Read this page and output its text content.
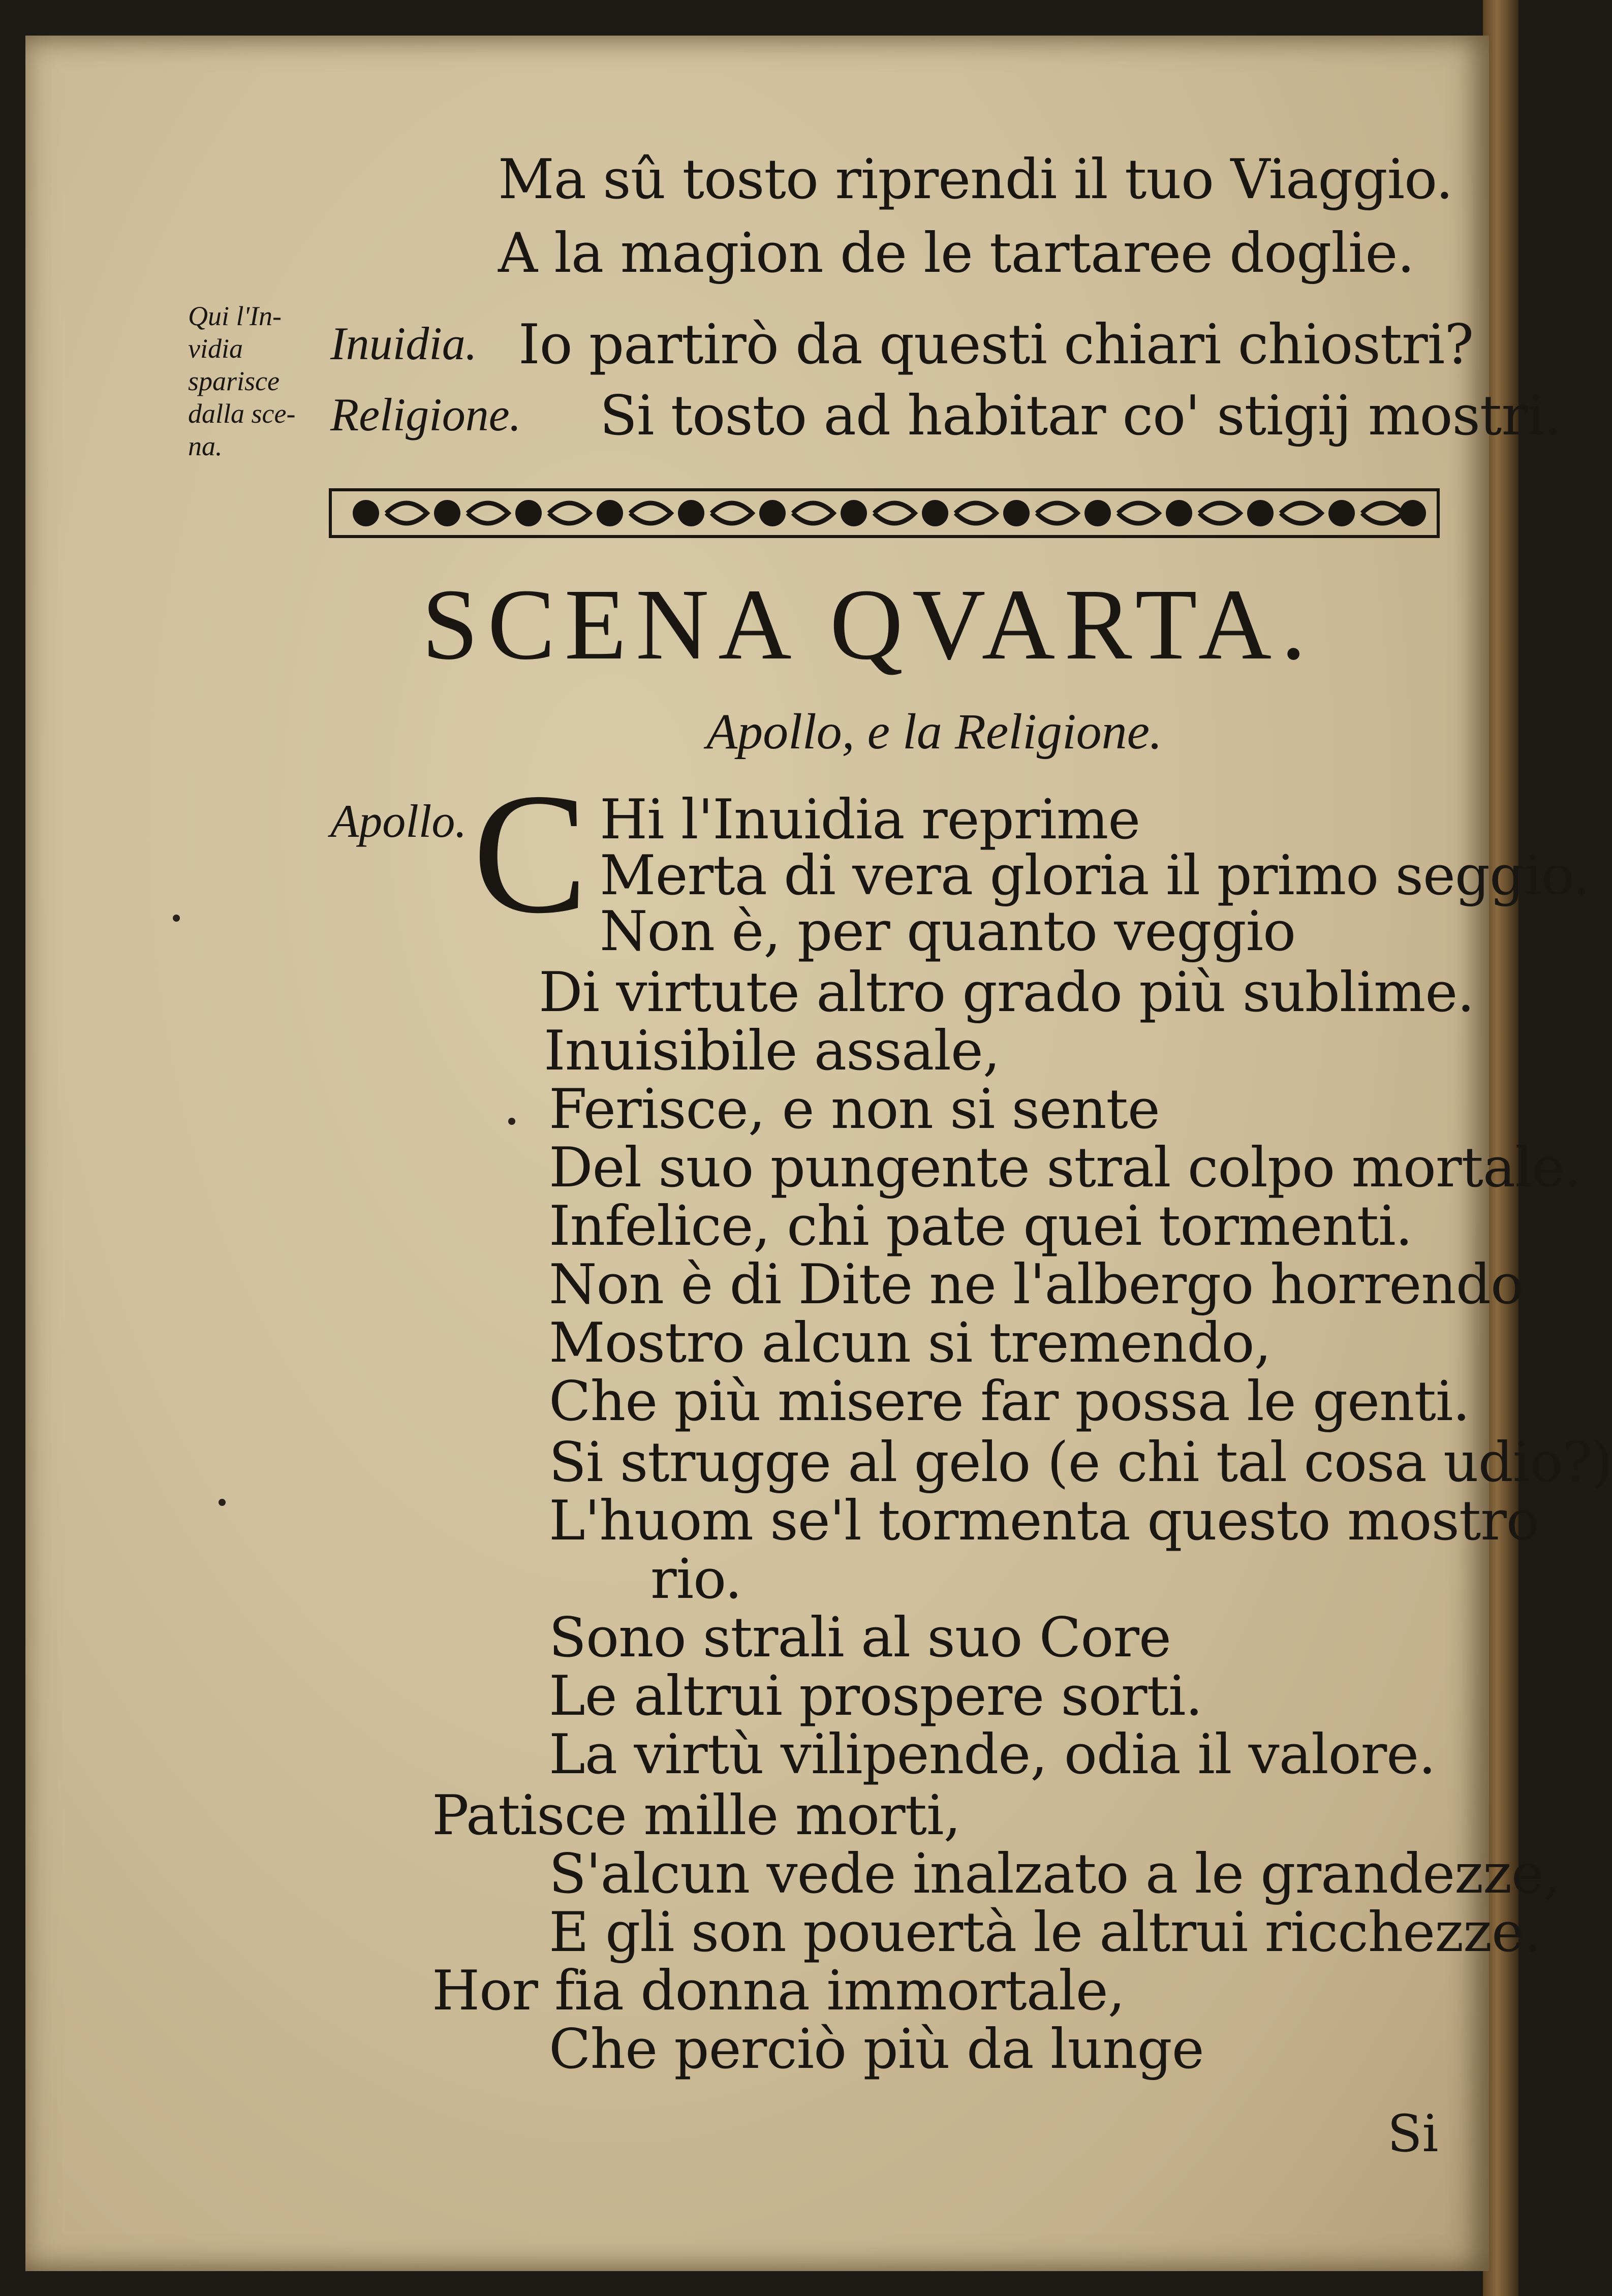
Ma sû tosto riprendi il tuo Viaggio.
A la magion de le tartaree doglie.
Qui l'In-
vidia
sparisce
dalla sce-
na.
Inuidia. Io partirò da questi chiari chiostri?
Religione. Si tosto ad habitar co' stigij mostri.
SCENA QVARTA.
Apollo, e la Religione.
Apollo. C Hi l'Inuidia reprime
Merta di vera gloria il primo seggio.
Non è, per quanto veggio
Di virtute altro grado più sublime.
Inuisibile assale,
Ferisce, e non si sente
Del suo pungente stral colpo mortale.
Infelice, chi pate quei tormenti.
Non è di Dite ne l'albergo horrendo
Mostro alcun si tremendo,
Che più misere far possa le genti.
Si strugge al gelo (e chi tal cosa udio?)
L'huom se'l tormenta questo mostro
rio.
Sono strali al suo Core
Le altrui prospere sorti.
La virtù vilipende, odia il valore.
Patisce mille morti,
S'alcun vede inalzato a le grandezze,
E gli son pouertà le altrui ricchezze.
Hor fia donna immortale,
Che perciò più da lunge
Si
